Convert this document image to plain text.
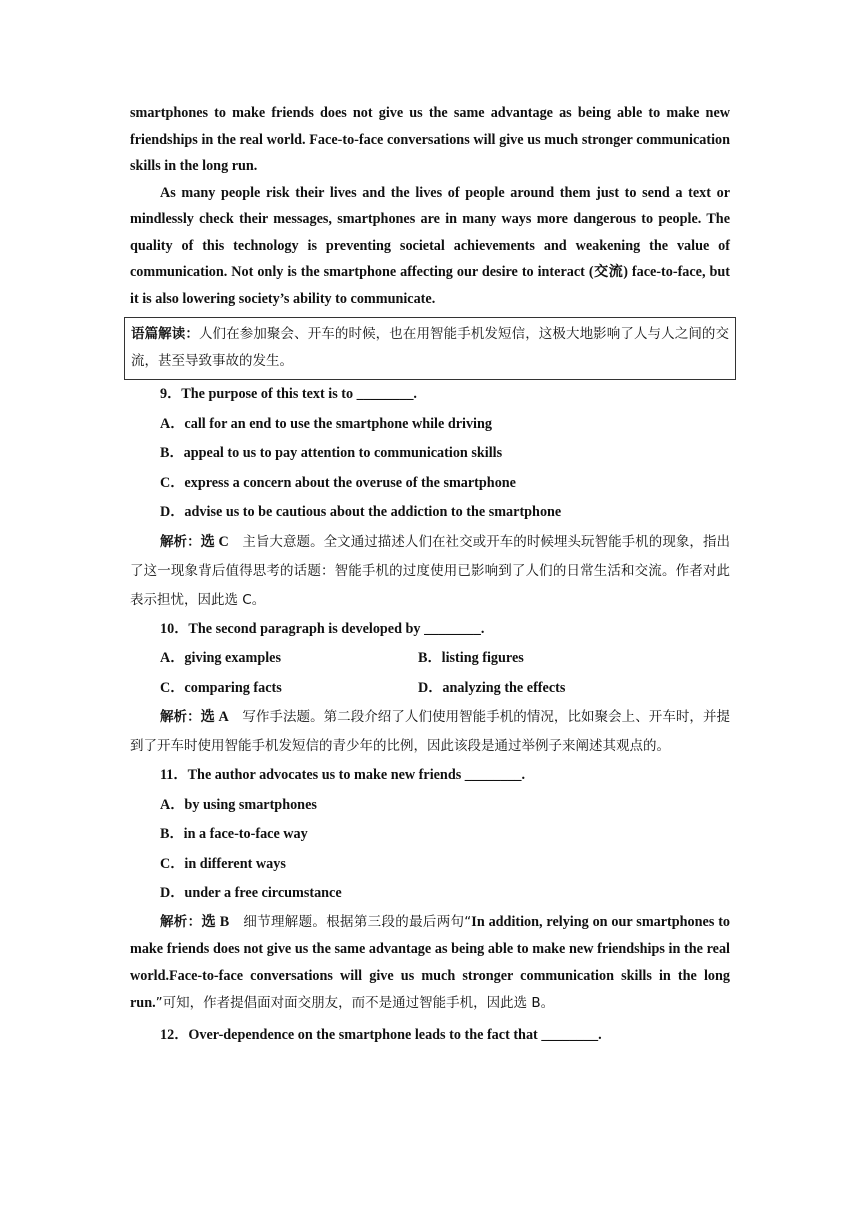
smartphones to make friends does not give us the same advantage as being able to make new friendships in the real world. Face-to-face conversations will give us much stronger communication skills in the long run.

As many people risk their lives and the lives of people around them just to send a text or mindlessly check their messages, smartphones are in many ways more dangerous to people. The quality of this technology is preventing societal achievements and weakening the value of communication. Not only is the smartphone affecting our desire to interact (交流) face-to-face, but it is also lowering society’s ability to communicate.

语篇解读：人们在参加聚会、开车的时候，也在用智能手机发短信，这极大地影响了人与人之间的交流，甚至导致事故的发生。

9．The purpose of this text is to ________.

A．call for an end to use the smartphone while driving

B．appeal to us to pay attention to communication skills

C．express a concern about the overuse of the smartphone

D．advise us to be cautious about the addiction to the smartphone

解析：选 C　主旨大意题。全文通过描述人们在社交或开车的时候埋头玩智能手机的现象，指出了这一现象背后值得思考的话题：智能手机的过度使用已影响到了人们的日常生活和交流。作者对此表示担忧，因此选 C。

10．The second paragraph is developed by ________.

A．giving examples	B．listing figures
C．comparing facts	D．analyzing the effects

解析：选 A　写作手法题。第二段介绍了人们使用智能手机的情况，比如聚会上、开车时，并提到了开车时使用智能手机发短信的青少年的比例，因此该段是通过举例子来阐述其观点的。

11．The author advocates us to make new friends ________.

A．by using smartphones

B．in a face-to-face way

C．in different ways

D．under a free circumstance

解析：选 B　细节理解题。根据第三段的最后两句“In addition, relying on our smartphones to make friends does not give us the same advantage as being able to make new friendships in the real world.Face-to-face conversations will give us much stronger communication skills in the long run.”可知，作者提倡面对面交朋友，而不是通过智能手机，因此选 B。

12．Over-dependence on the smartphone leads to the fact that ________.
